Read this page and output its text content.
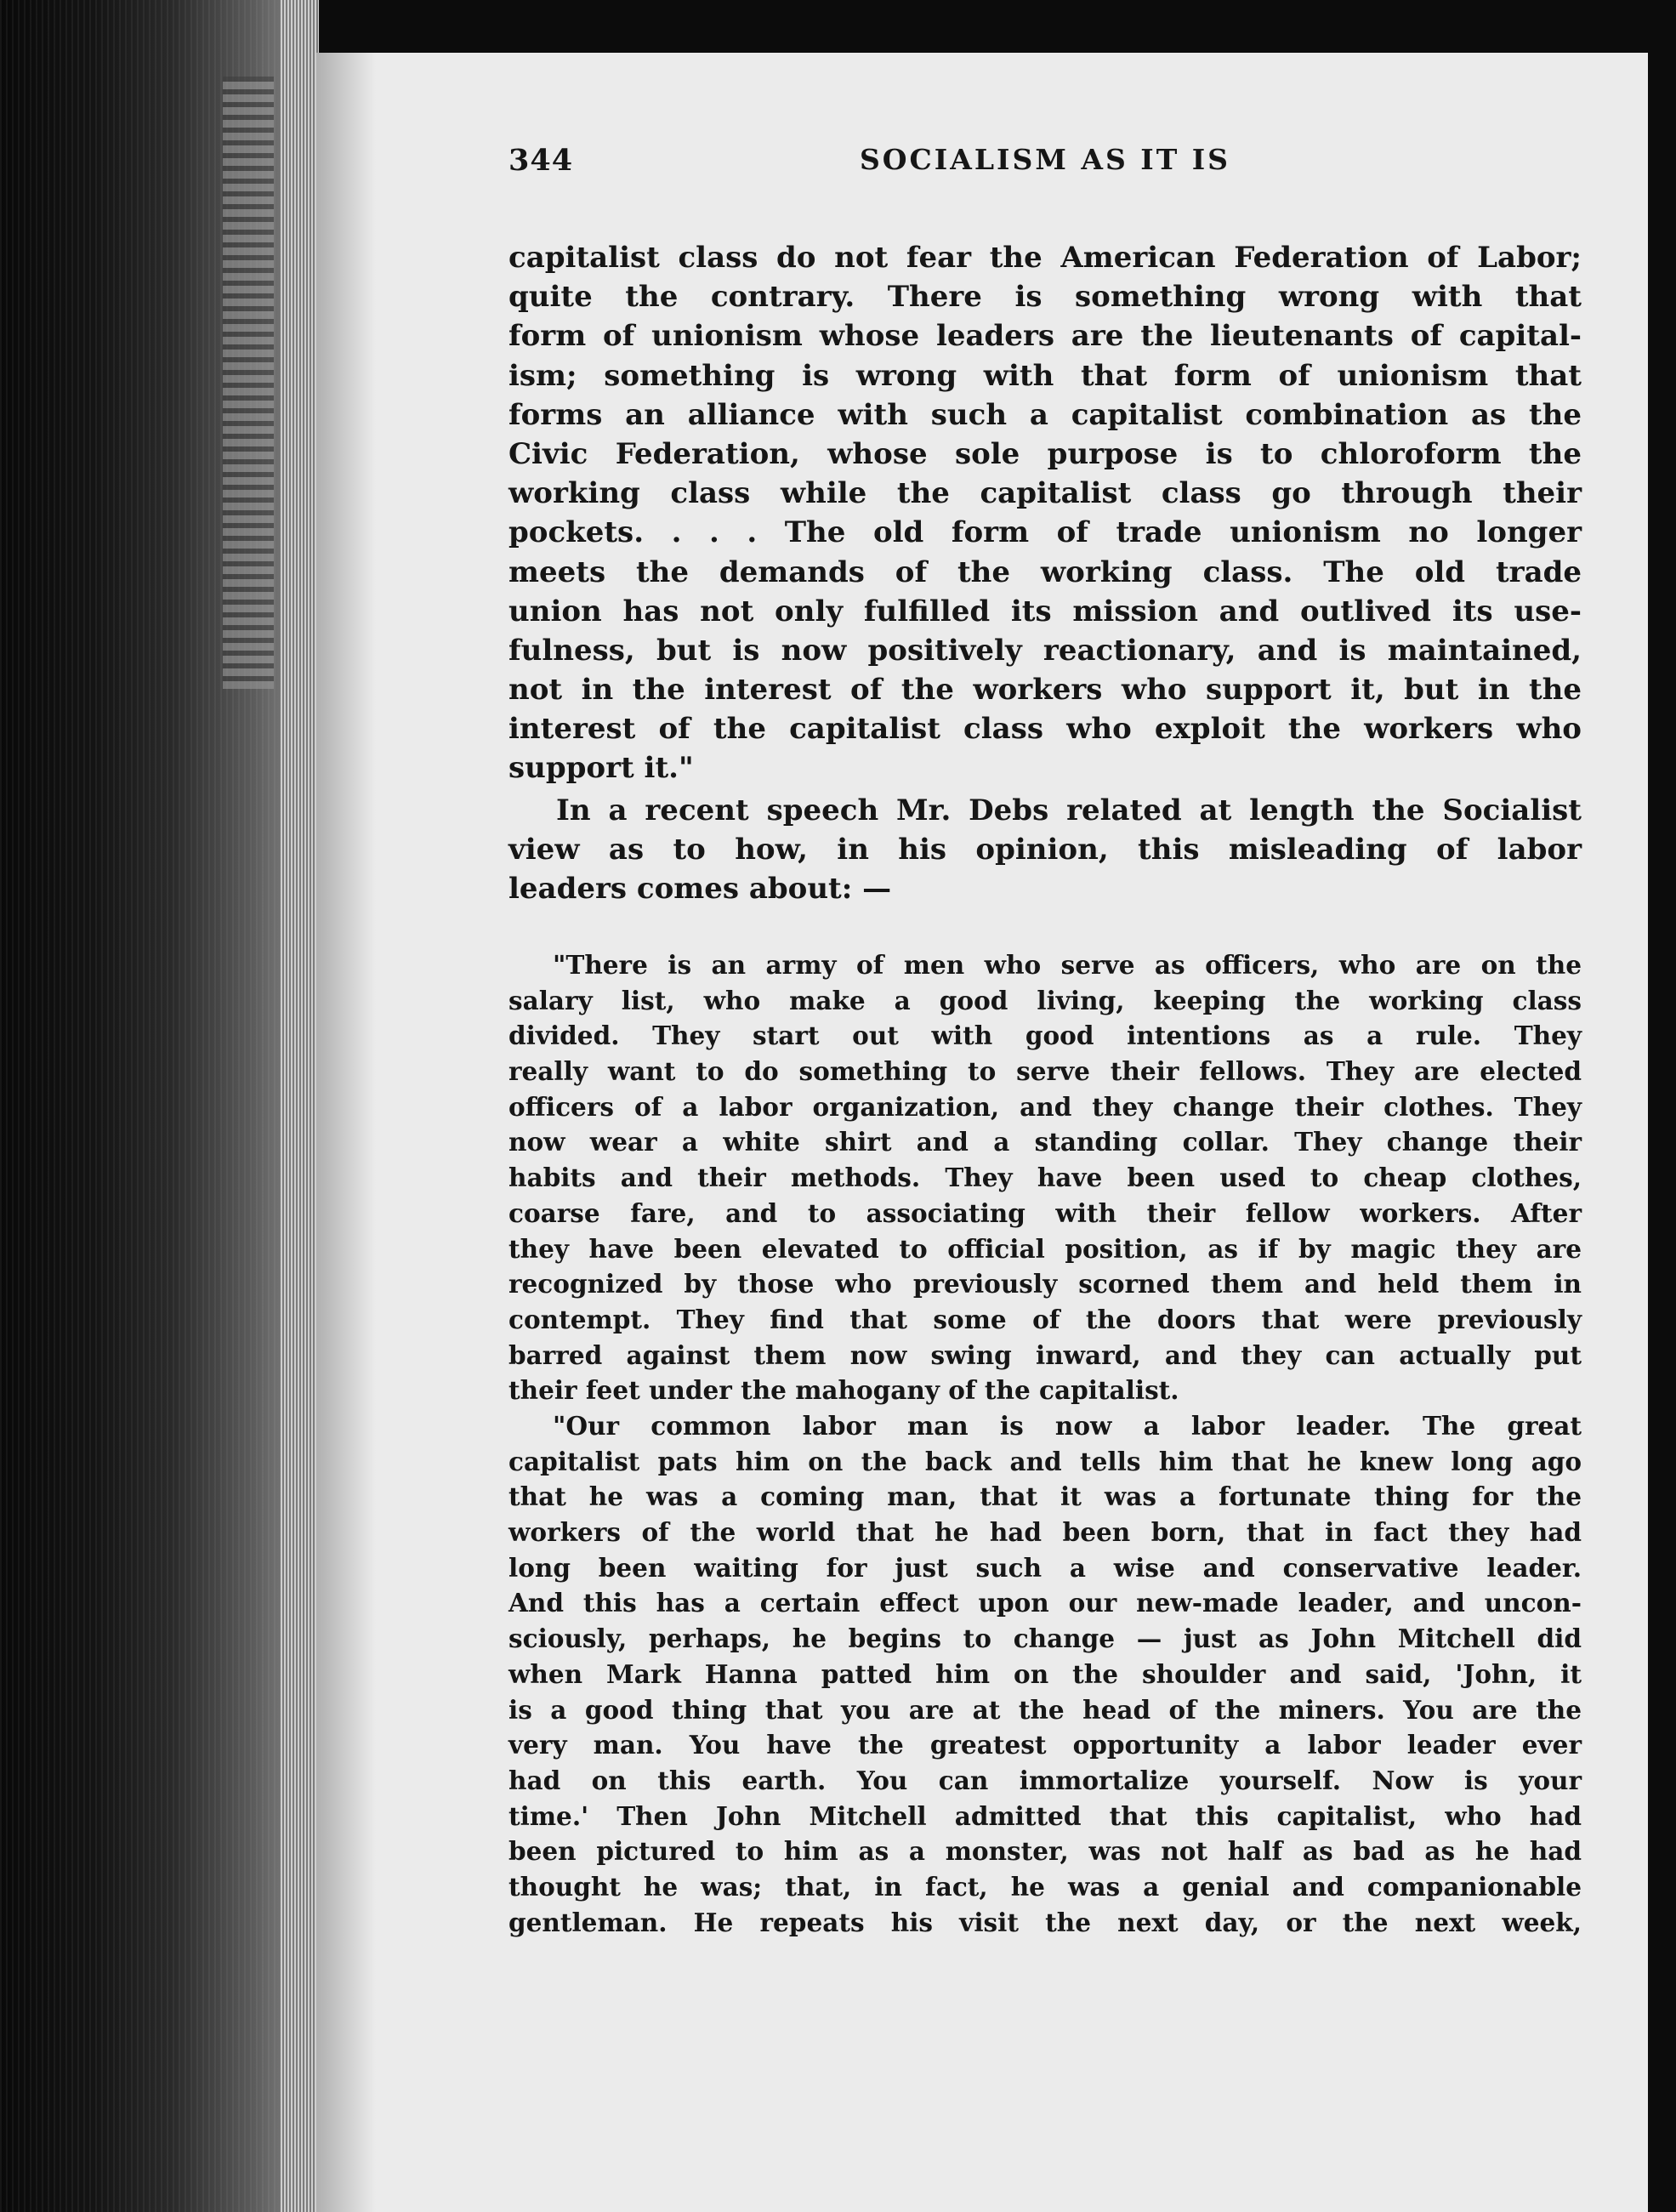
344	SOCIALISM AS IT IS
capitalist class do not fear the American Federation of Labor;
quite the contrary. There is something wrong with that
form of unionism whose leaders are the lieutenants of capital-
ism; something is wrong with that form of unionism that
forms an alliance with such a capitalist combination as the
Civic Federation, whose sole purpose is to chloroform the
working class while the capitalist class go through their
pockets. . . . The old form of trade unionism no longer
meets the demands of the working class. The old trade
union has not only fulfilled its mission and outlived its use-
fulness, but is now positively reactionary, and is maintained,
not in the interest of the workers who support it, but in the
interest of the capitalist class who exploit the workers who
support it."
In a recent speech Mr. Debs related at length the Socialist
view as to how, in his opinion, this misleading of labor
leaders comes about: —
"There is an army of men who serve as officers, who are on the
salary list, who make a good living, keeping the working class
divided. They start out with good intentions as a rule. They
really want to do something to serve their fellows. They are elected
officers of a labor organization, and they change their clothes. They
now wear a white shirt and a standing collar. They change their
habits and their methods. They have been used to cheap clothes,
coarse fare, and to associating with their fellow workers. After
they have been elevated to official position, as if by magic they are
recognized by those who previously scorned them and held them in
contempt. They find that some of the doors that were previously
barred against them now swing inward, and they can actually put
their feet under the mahogany of the capitalist.
"Our common labor man is now a labor leader. The great
capitalist pats him on the back and tells him that he knew long ago
that he was a coming man, that it was a fortunate thing for the
workers of the world that he had been born, that in fact they had
long been waiting for just such a wise and conservative leader.
And this has a certain effect upon our new-made leader, and uncon-
sciously, perhaps, he begins to change — just as John Mitchell did
when Mark Hanna patted him on the shoulder and said, 'John, it
is a good thing that you are at the head of the miners. You are the
very man. You have the greatest opportunity a labor leader ever
had on this earth. You can immortalize yourself. Now is your
time.' Then John Mitchell admitted that this capitalist, who had
been pictured to him as a monster, was not half as bad as he had
thought he was; that, in fact, he was a genial and companionable
gentleman. He repeats his visit the next day, or the next week,
